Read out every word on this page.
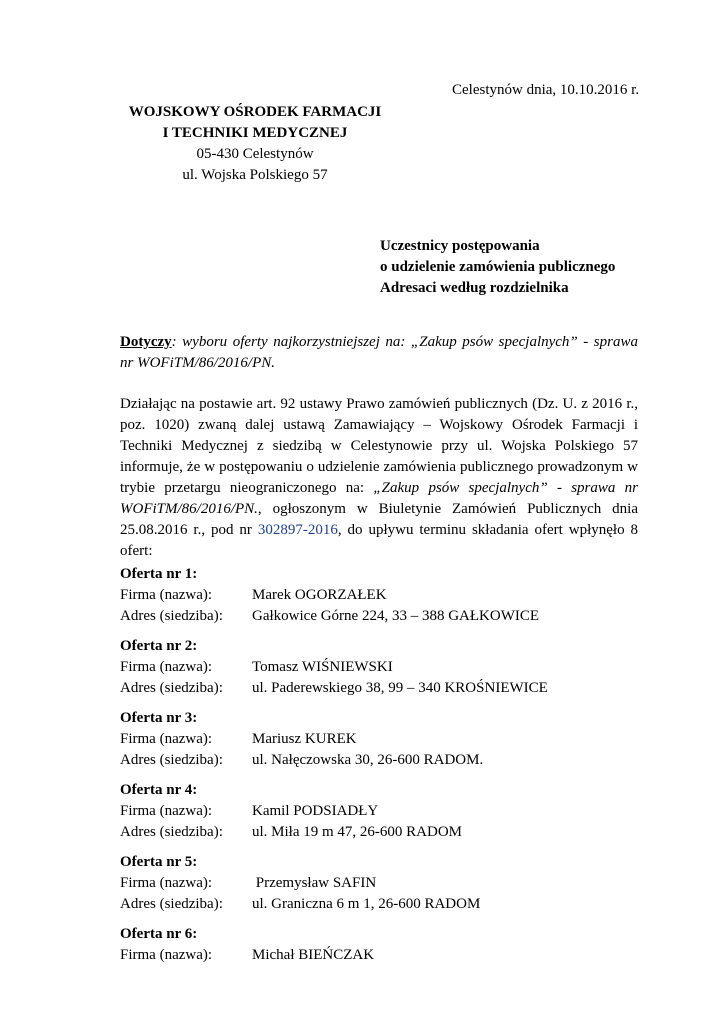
Celestynów dnia, 10.10.2016 r.
WOJSKOWY OŚRODEK FARMACJI
I TECHNIKI MEDYCZNEJ
05-430 Celestynów
ul. Wojska Polskiego 57
Uczestnicy postępowania
o udzielenie zamówienia publicznego
Adresaci według rozdzielnika
Dotyczy: wyboru oferty najkorzystniejszej na: „Zakup psów specjalnych” - sprawa nr WOFiTM/86/2016/PN.
Działając na postawie art. 92 ustawy Prawo zamówień publicznych (Dz. U. z 2016 r., poz. 1020) zwaną dalej ustawą Zamawiający – Wojskowy Ośrodek Farmacji i Techniki Medycznej z siedzibą w Celestynowie przy ul. Wojska Polskiego 57 informuje, że w postępowaniu o udzielenie zamówienia publicznego prowadzonym w trybie przetargu nieograniczonego na: „Zakup psów specjalnych” - sprawa nr WOFiTM/86/2016/PN., ogłoszonym w Biuletynie Zamówień Publicznych dnia 25.08.2016 r., pod nr 302897-2016, do upływu terminu składania ofert wpłynęło 8 ofert:
Oferta nr 1:
Firma (nazwa):	Marek OGORZAŁEK
Adres (siedziba):	Gałkowice Górne 224, 33 – 388 GAŁKOWICE
Oferta nr 2:
Firma (nazwa):	Tomasz WIŚNIEWSKI
Adres (siedziba):	ul. Paderewskiego 38, 99 – 340 KROŚNIEWICE
Oferta nr 3:
Firma (nazwa):	Mariusz KUREK
Adres (siedziba):	ul. Nałęczowska 30, 26-600 RADOM.
Oferta nr 4:
Firma (nazwa):	Kamil PODSIADŁY
Adres (siedziba):	ul. Miła 19 m 47, 26-600 RADOM
Oferta nr 5:
Firma (nazwa):	Przemysław SAFIN
Adres (siedziba):	ul. Graniczna 6 m 1, 26-600 RADOM
Oferta nr 6:
Firma (nazwa):	Michał BIEŃCZAK
